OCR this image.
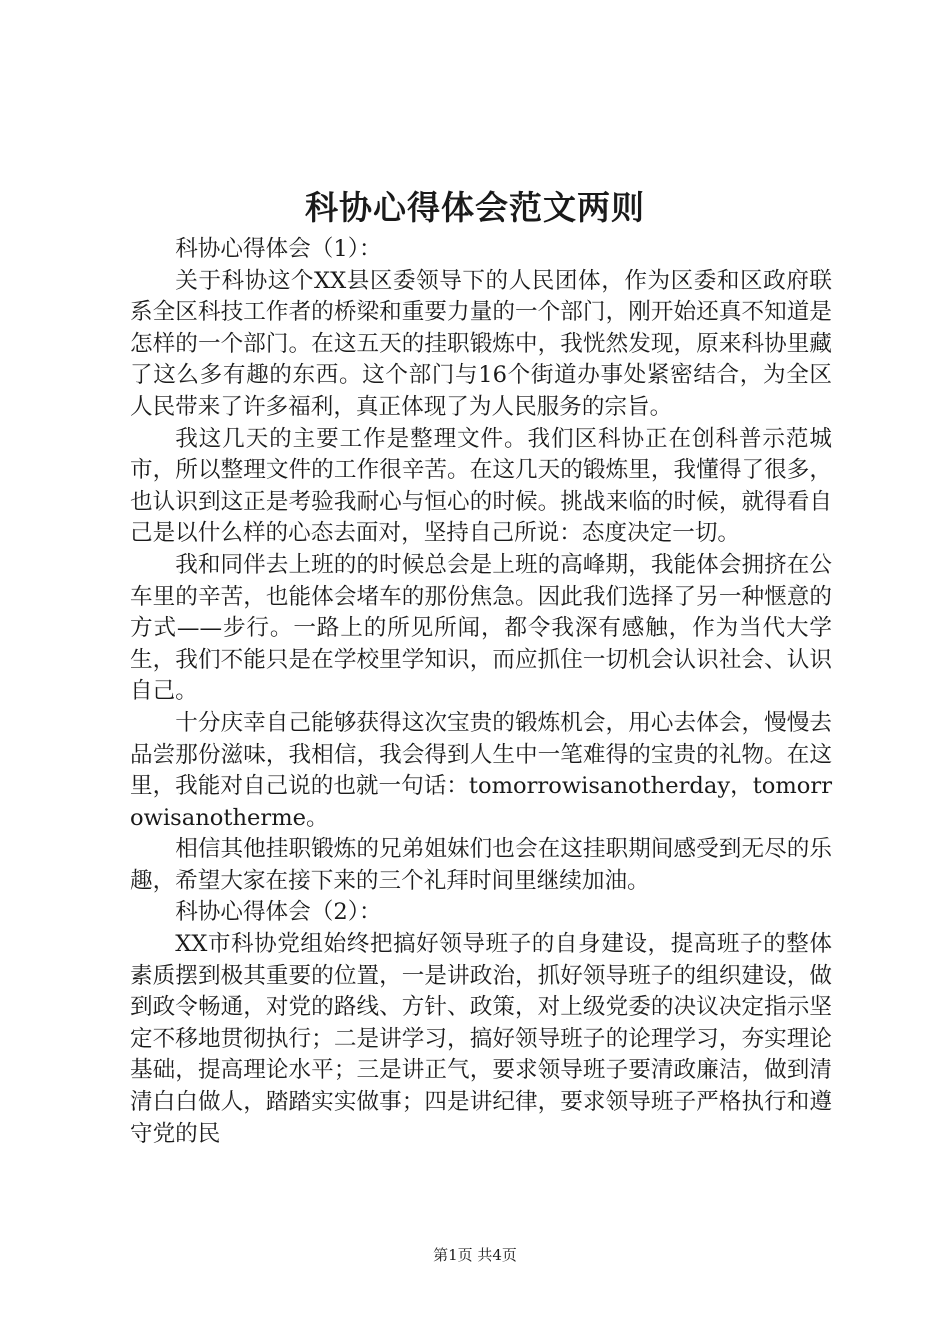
科协心得体会范文两则

科协心得体会（1）：

关于科协这个XX县区委领导下的人民团体，作为区委和区政府联系全区科技工作者的桥梁和重要力量的一个部门，刚开始还真不知道是怎样的一个部门。在这五天的挂职锻炼中，我恍然发现，原来科协里藏了这么多有趣的东西。这个部门与16个街道办事处紧密结合，为全区人民带来了许多福利，真正体现了为人民服务的宗旨。

我这几天的主要工作是整理文件。我们区科协正在创科普示范城市，所以整理文件的工作很辛苦。在这几天的锻炼里，我懂得了很多，也认识到这正是考验我耐心与恒心的时候。挑战来临的时候，就得看自己是以什么样的心态去面对，坚持自己所说：态度决定一切。

我和同伴去上班的的时候总会是上班的高峰期，我能体会拥挤在公车里的辛苦，也能体会堵车的那份焦急。因此我们选择了另一种惬意的方式——步行。一路上的所见所闻，都令我深有感触，作为当代大学生，我们不能只是在学校里学知识，而应抓住一切机会认识社会、认识自己。

十分庆幸自己能够获得这次宝贵的锻炼机会，用心去体会，慢慢去品尝那份滋味，我相信，我会得到人生中一笔难得的宝贵的礼物。在这里，我能对自己说的也就一句话：tomorrowisanotherday，tomorrowisanotherme。

相信其他挂职锻炼的兄弟姐妹们也会在这挂职期间感受到无尽的乐趣，希望大家在接下来的三个礼拜时间里继续加油。

科协心得体会（2）：

XX市科协党组始终把搞好领导班子的自身建设，提高班子的整体素质摆到极其重要的位置，一是讲政治，抓好领导班子的组织建设，做到政令畅通，对党的路线、方针、政策，对上级党委的决议决定指示坚定不移地贯彻执行；二是讲学习，搞好领导班子的论理学习，夯实理论基础，提高理论水平；三是讲正气，要求领导班子要清政廉洁，做到清清白白做人，踏踏实实做事；四是讲纪律，要求领导班子严格执行和遵守党的民

第1页 共4页
